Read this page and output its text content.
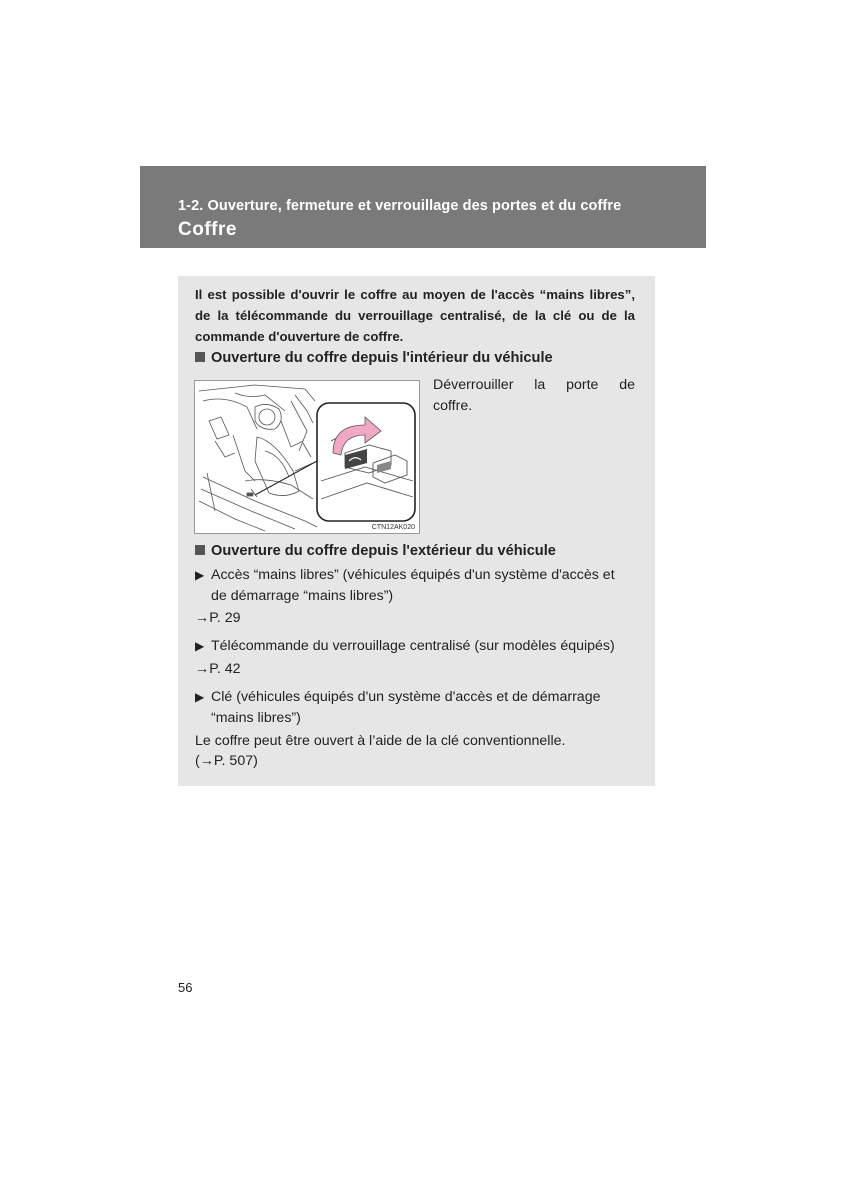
1-2. Ouverture, fermeture et verrouillage des portes et du coffre
Coffre
Il est possible d'ouvrir le coffre au moyen de l'accès “mains libres”, de la télécommande du verrouillage centralisé, de la clé ou de la commande d'ouverture de coffre.
Ouverture du coffre depuis l'intérieur du véhicule
CTN12AK020
Déverrouiller la porte de
coffre.
Ouverture du coffre depuis l'extérieur du véhicule
▶ Accès “mains libres” (véhicules équipés d'un système d'accès et
de démarrage “mains libres”)
→P. 29
▶ Télécommande du verrouillage centralisé (sur modèles équipés)
→P. 42
▶ Clé (véhicules équipés d'un système d'accès et de démarrage
“mains libres”)
Le coffre peut être ouvert à l’aide de la clé conventionnelle.
(→P. 507)
56
